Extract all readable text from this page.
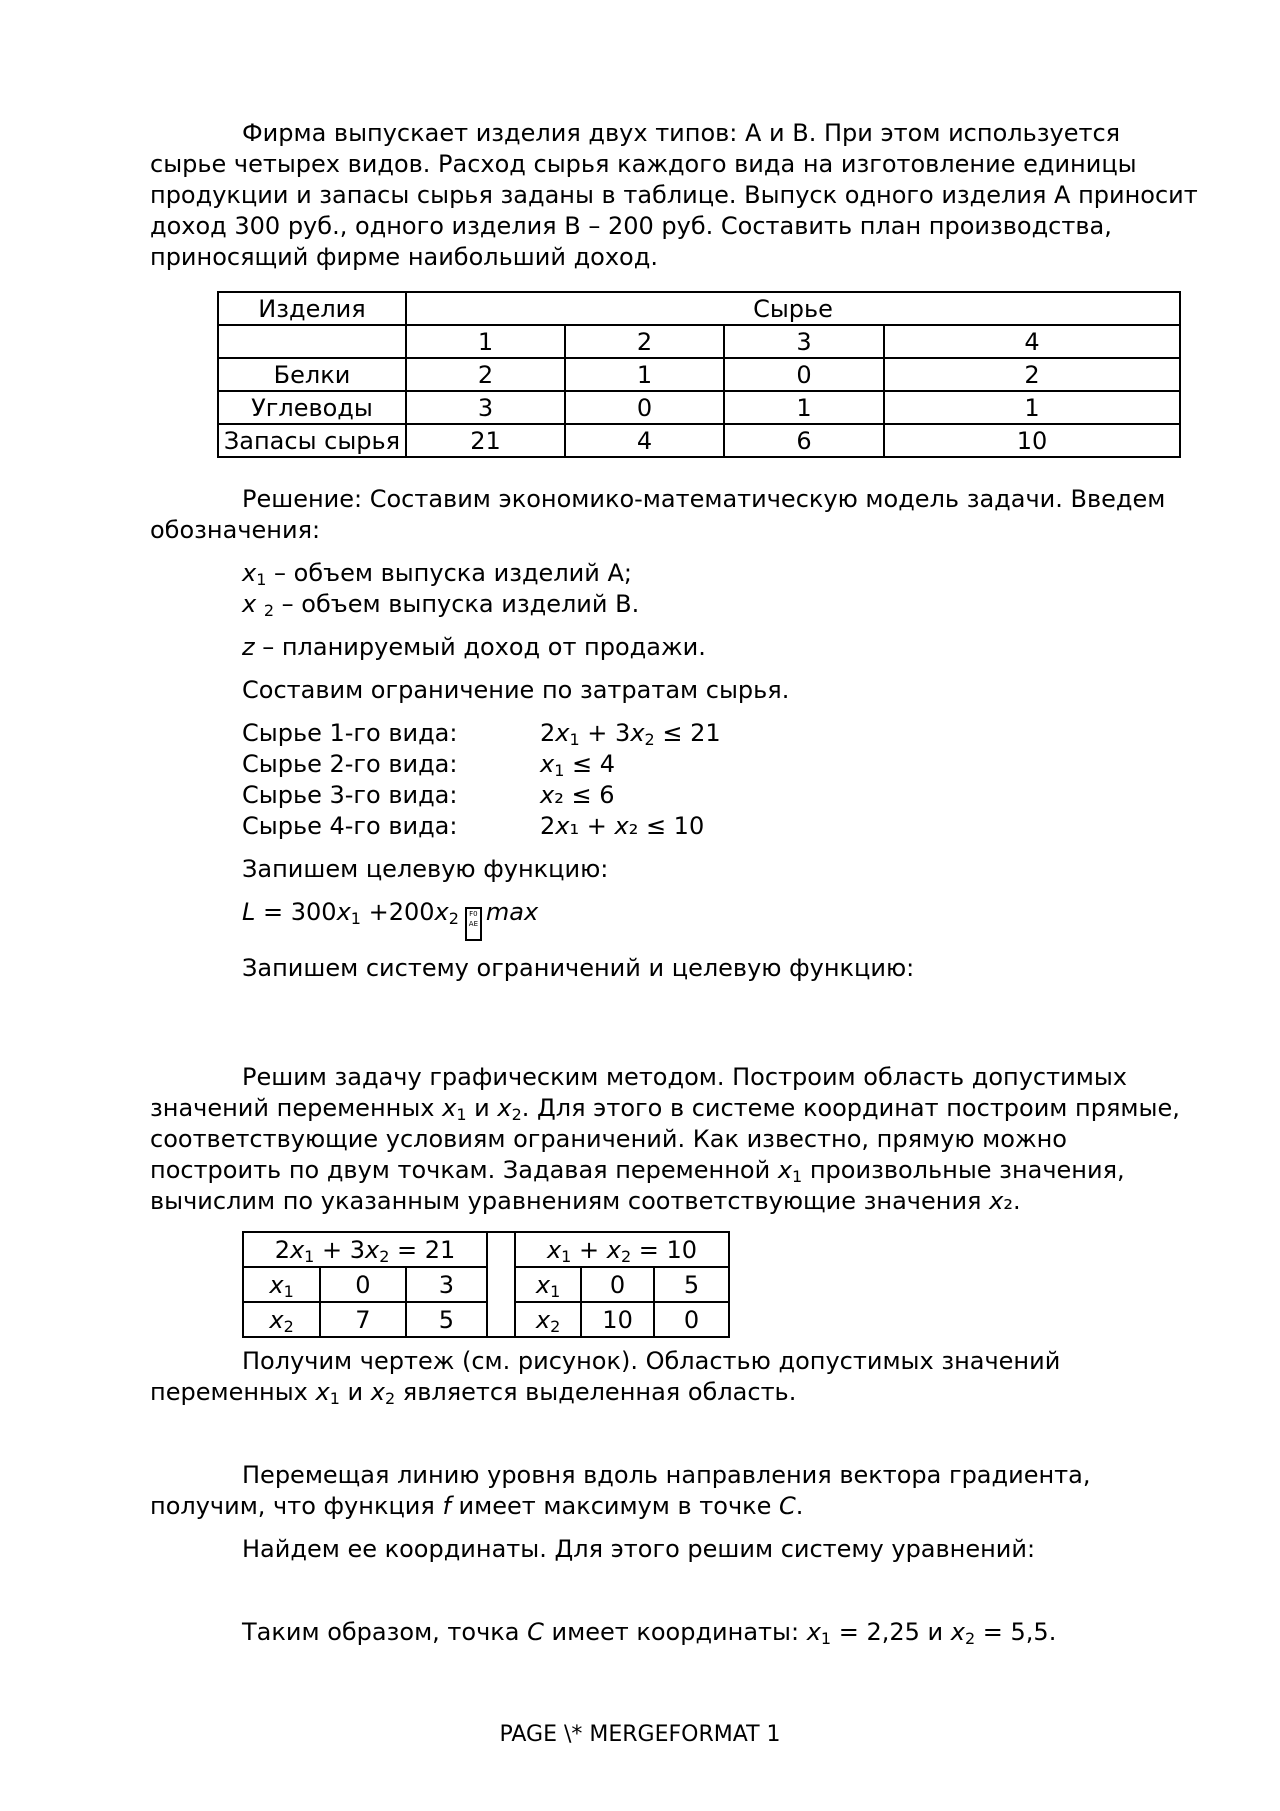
Фирма выпускает изделия двух типов: А и В. При этом используется сырье четырех видов. Расход сырья каждого вида на изготовление единицы продукции и запасы сырья заданы в таблице. Выпуск одного изделия А приносит доход 300 руб., одного изделия В – 200 руб. Составить план производства, приносящий фирме наибольший доход.

Изделия	Сырье			
	1	2	3	4
Белки	2	1	0	2
Углеводы	3	0	1	1
Запасы сырья	21	4	6	10

Решение: Составим экономико-математическую модель задачи. Введем обозначения:

$x_1$ – объем выпуска изделий А;

x $_2$ – объем выпуска изделий В.

z – планируемый доход от продажи.

Составим ограничение по затратам сырья.

Сырье 1-го вида:	$2x_1 + 3x_2 \le 21$
Сырье 2-го вида:	$x_1 \le 4$
Сырье 3-го вида:	x₂ ≤ 6
Сырье 4-го вида:	2x₁ + x₂ ≤ 10

Запишем целевую функцию:

$L = 300x_1 +200x_2$ F0
AE max

Запишем систему ограничений и целевую функцию:

Решим задачу графическим методом. Построим область допустимых значений переменных $x_1$ и $x_2$. Для этого в системе координат построим прямые, соответствующие условиям ограничений. Как известно, прямую можно построить по двум точкам. Задавая переменной $x_1$ произвольные значения, вычислим по указанным уравнениям соответствующие значения x₂.

$2x_1 + 3x_2 = 21$				$x_1 + x_2 = 10$		
$x_1$	0	3		$x_1$	0	5
$x_2$	7	5		$x_2$	10	0

Получим чертеж (см. рисунок). Областью допустимых значений переменных $x_1$ и $x_2$ является выделенная область.

Перемещая линию уровня вдоль направления вектора градиента, получим, что функция f имеет максимум в точке C.

Найдем ее координаты. Для этого решим систему уравнений:

Таким образом, точка C имеет координаты: $x_1 = 2,25$ и $x_2 = 5,5$.

PAGE \* MERGEFORMAT 1
